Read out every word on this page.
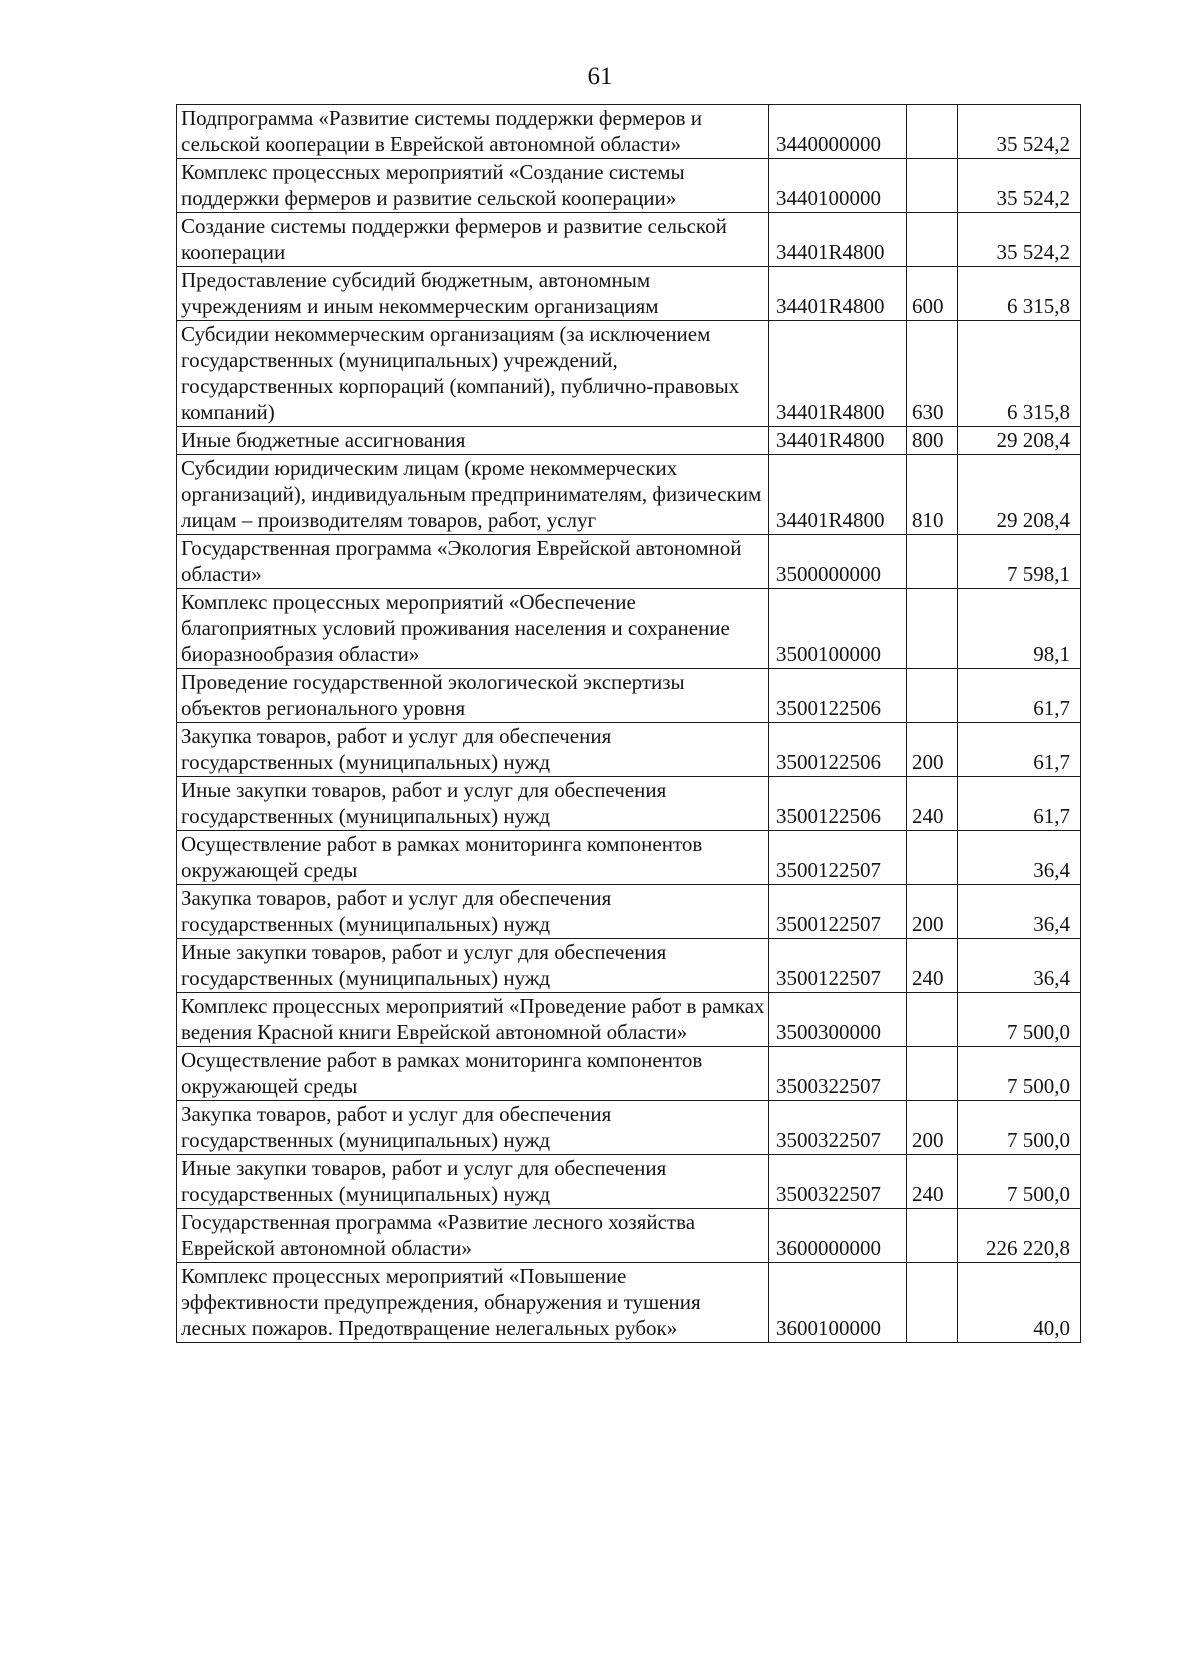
61
Подпрограмма «Развитие системы поддержки фермеров и сельской кооперации в Еврейской автономной области»	3440000000		35 524,2
Комплекс процессных мероприятий «Создание системы поддержки фермеров и развитие сельской кооперации»	3440100000		35 524,2
Создание системы поддержки фермеров и развитие сельской кооперации	34401R4800		35 524,2
Предоставление субсидий бюджетным, автономным учреждениям и иным некоммерческим организациям	34401R4800	600	6 315,8
Субсидии некоммерческим организациям (за исключением государственных (муниципальных) учреждений, государственных корпораций (компаний), публично-правовых компаний)	34401R4800	630	6 315,8
Иные бюджетные ассигнования	34401R4800	800	29 208,4
Субсидии юридическим лицам (кроме некоммерческих организаций), индивидуальным предпринимателям, физическим лицам – производителям товаров, работ, услуг	34401R4800	810	29 208,4
Государственная программа «Экология Еврейской автономной области»	3500000000		7 598,1
Комплекс процессных мероприятий «Обеспечение благоприятных условий проживания населения и сохранение биоразнообразия области»	3500100000		98,1
Проведение государственной экологической экспертизы объектов регионального уровня	3500122506		61,7
Закупка товаров, работ и услуг для обеспечения государственных (муниципальных) нужд	3500122506	200	61,7
Иные закупки товаров, работ и услуг для обеспечения государственных (муниципальных) нужд	3500122506	240	61,7
Осуществление работ в рамках мониторинга компонентов окружающей среды	3500122507		36,4
Закупка товаров, работ и услуг для обеспечения государственных (муниципальных) нужд	3500122507	200	36,4
Иные закупки товаров, работ и услуг для обеспечения государственных (муниципальных) нужд	3500122507	240	36,4
Комплекс процессных мероприятий «Проведение работ в рамках ведения Красной книги Еврейской автономной области»	3500300000		7 500,0
Осуществление работ в рамках мониторинга компонентов окружающей среды	3500322507		7 500,0
Закупка товаров, работ и услуг для обеспечения государственных (муниципальных) нужд	3500322507	200	7 500,0
Иные закупки товаров, работ и услуг для обеспечения государственных (муниципальных) нужд	3500322507	240	7 500,0
Государственная программа «Развитие лесного хозяйства Еврейской автономной области»	3600000000		226 220,8
Комплекс процессных мероприятий «Повышение эффективности предупреждения, обнаружения и тушения лесных пожаров. Предотвращение нелегальных рубок»	3600100000		40,0
